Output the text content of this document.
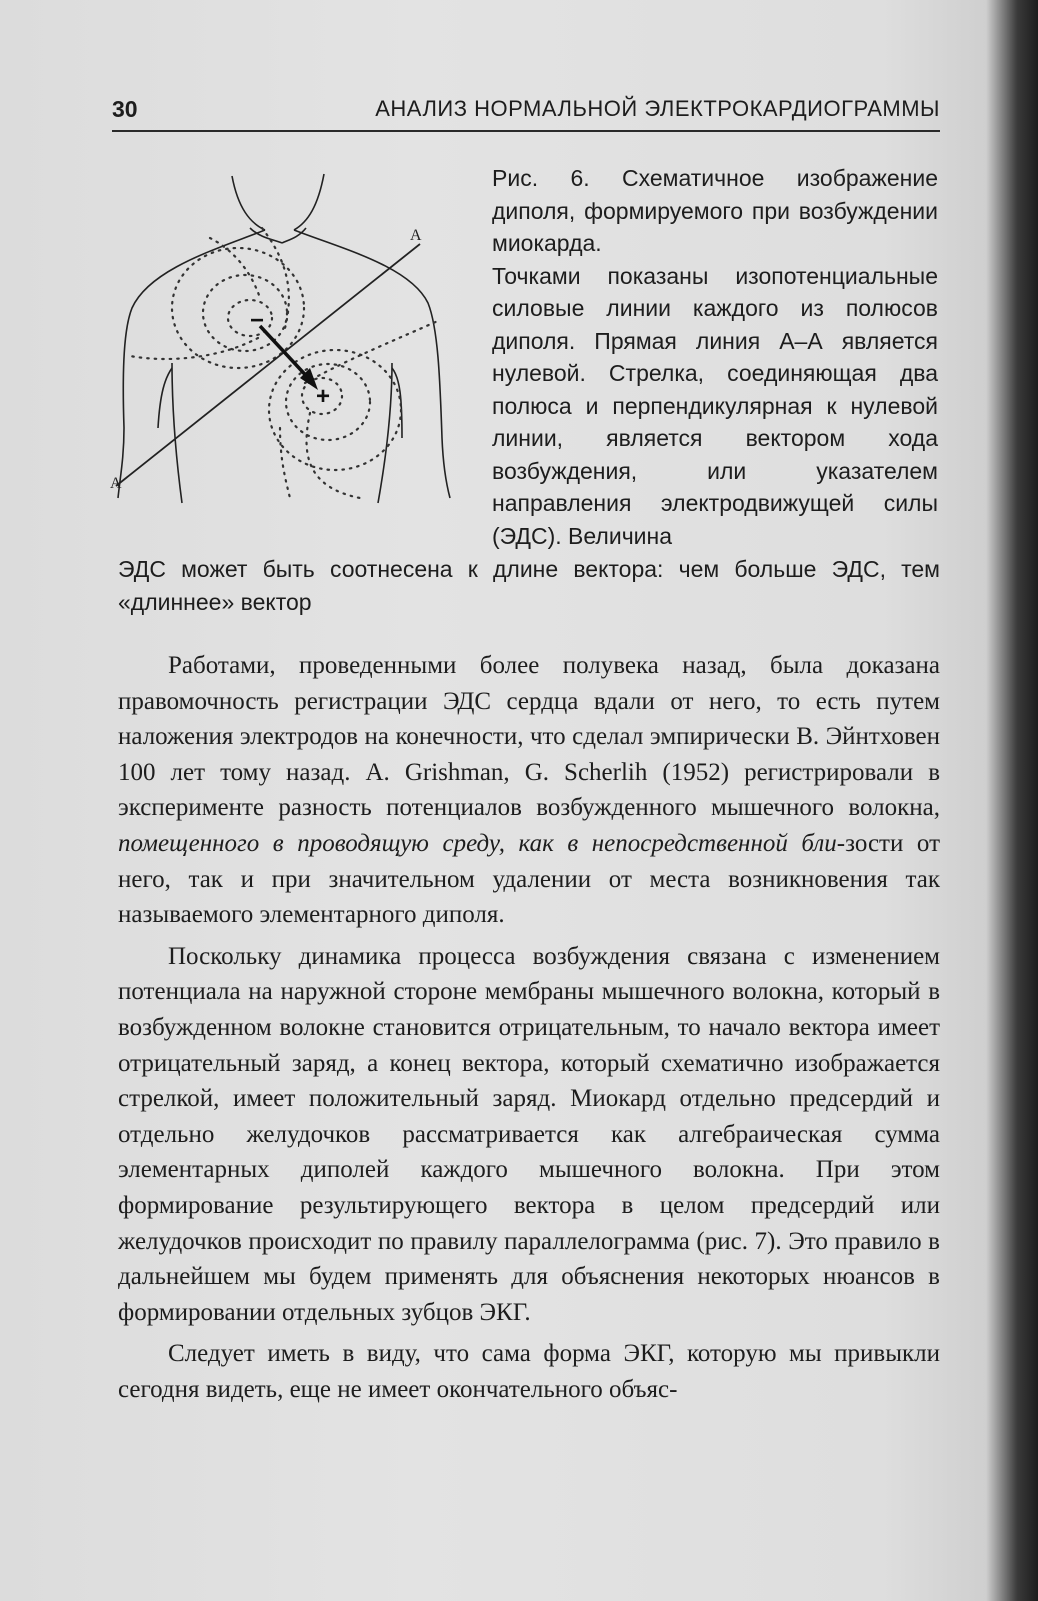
30	АНАЛИЗ НОРМАЛЬНОЙ ЭЛЕКТРОКАРДИОГРАММЫ
A
A
−
+

Рис. 6. Схематичное изображение диполя, формируемого при возбуждении миокарда.

Точками показаны изопотенциальные силовые линии каждого из полюсов диполя. Прямая линия А–А является нулевой. Стрелка, соединяющая два полюса и перпендикулярная к нулевой линии, является вектором хода возбуждения, или указателем направления электродвижущей силы (ЭДС). Величина

ЭДС может быть соотнесена к длине вектора: чем больше ЭДС, тем «длиннее» вектор

Работами, проведенными более полувека назад, была доказана правомочность регистрации ЭДС сердца вдали от него, то есть путем наложения электродов на конечности, что сделал эмпирически В. Эйнтховен 100 лет тому назад. A. Grishman, G. Scherlih (1952) регистрировали в эксперименте разность потенциалов возбужденного мышечного волокна, помещенного в проводящую среду, как в непосредственной бли-зости от него, так и при значительном удалении от места возникновения так называемого элементарного диполя.

Поскольку динамика процесса возбуждения связана с изменением потенциала на наружной стороне мембраны мышечного волокна, который в возбужденном волокне становится отрицательным, то начало вектора имеет отрицательный заряд, а конец вектора, который схематично изображается стрелкой, имеет положительный заряд. Миокард отдельно предсердий и отдельно желудочков рассматривается как алгебраическая сумма элементарных диполей каждого мышечного волокна. При этом формирование результирующего вектора в целом предсердий или желудочков происходит по правилу параллелограмма (рис. 7). Это правило в дальнейшем мы будем применять для объяснения некоторых нюансов в формировании отдельных зубцов ЭКГ.

Следует иметь в виду, что сама форма ЭКГ, которую мы привыкли сегодня видеть, еще не имеет окончательного объяс-
